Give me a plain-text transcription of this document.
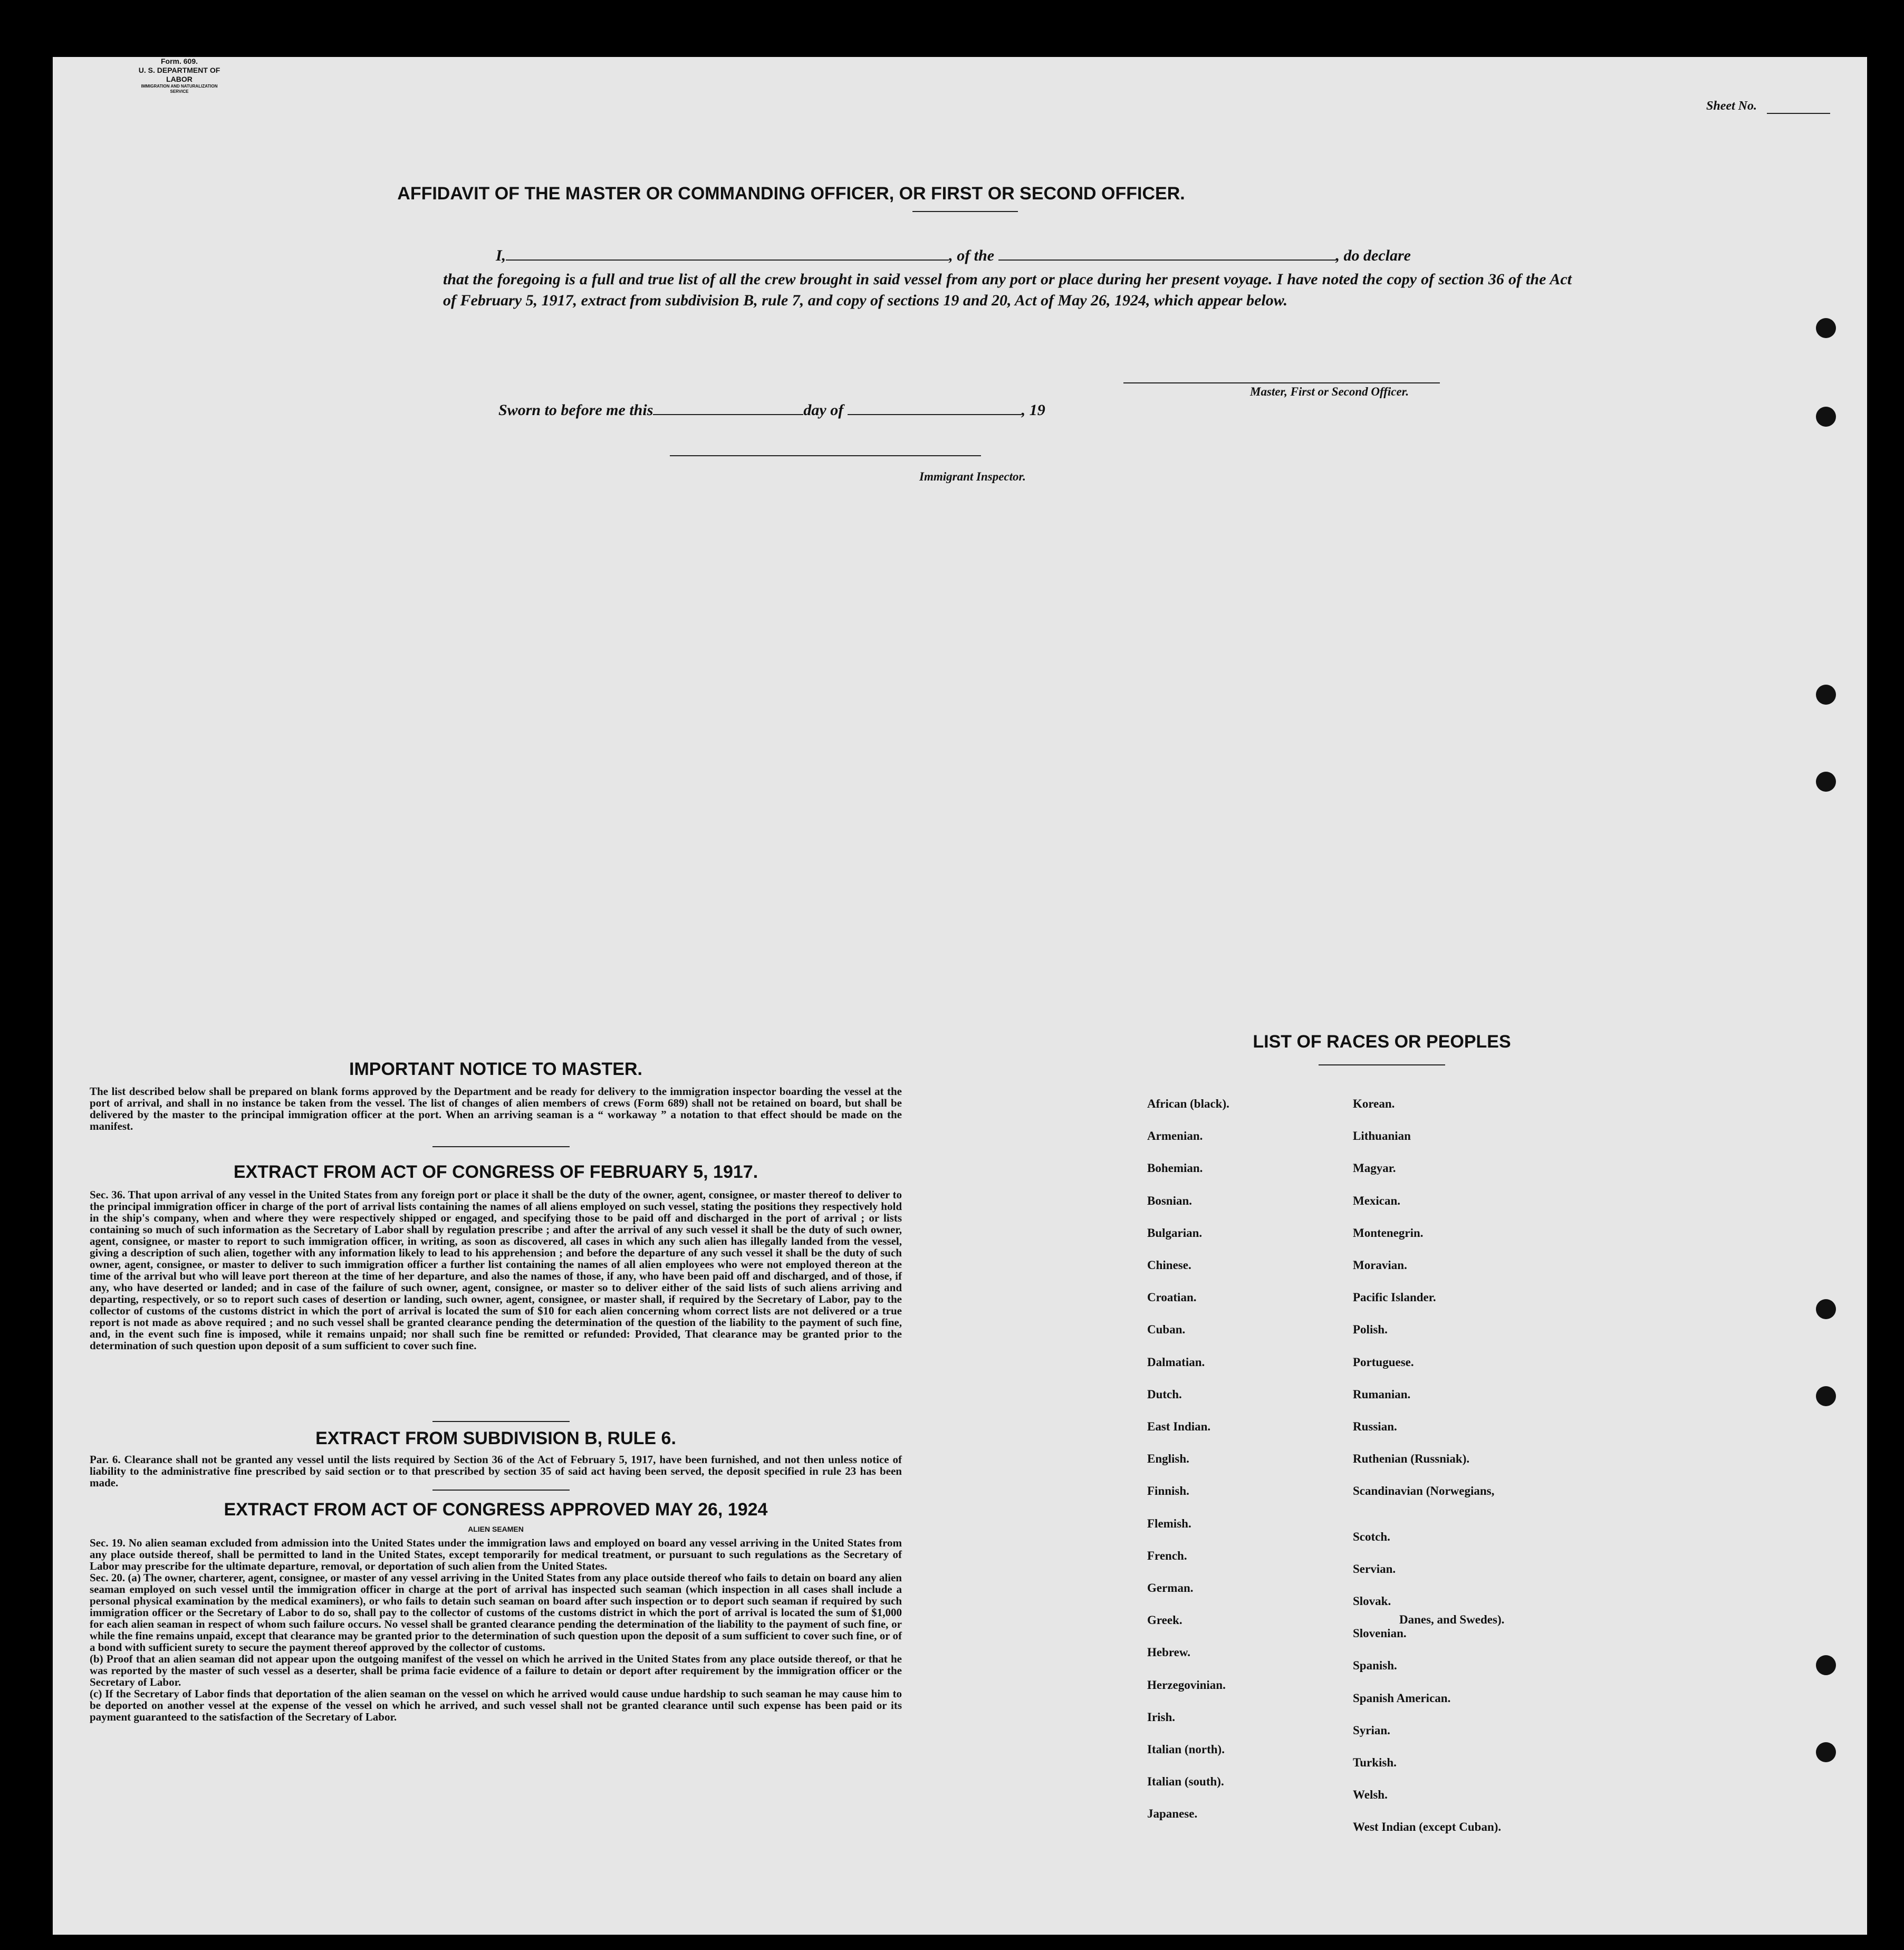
Form. 609.
U. S. DEPARTMENT OF LABOR
IMMIGRATION AND NATURALIZATION SERVICE
Sheet No.
AFFIDAVIT OF THE MASTER OR COMMANDING OFFICER, OR FIRST OR SECOND OFFICER.
I,	, of the	, do declare
that the foregoing is a full and true list of all the crew brought in said vessel from any port or place during her present voyage. I have noted the copy of section 36 of the Act of February 5, 1917, extract from subdivision B, rule 7, and copy of sections 19 and 20, Act of May 26, 1924, which appear below.
Master, First or Second Officer.
Sworn to before me this	day of	, 19
Immigrant Inspector.
IMPORTANT NOTICE TO MASTER.
The list described below shall be prepared on blank forms approved by the Department and be ready for delivery to the immigration inspector boarding the vessel at the port of arrival, and shall in no instance be taken from the vessel. The list of changes of alien members of crews (Form 689) shall not be retained on board, but shall be delivered by the master to the principal immigration officer at the port. When an arriving seaman is a “ workaway ” a notation to that effect should be made on the manifest.
EXTRACT FROM ACT OF CONGRESS OF FEBRUARY 5, 1917.
Sec. 36. That upon arrival of any vessel in the United States from any foreign port or place it shall be the duty of the owner, agent, consignee, or master thereof to deliver to the principal immigration officer in charge of the port of arrival lists containing the names of all aliens employed on such vessel, stating the positions they respectively hold in the ship's company, when and where they were respectively shipped or engaged, and specifying those to be paid off and discharged in the port of arrival ; or lists containing so much of such information as the Secretary of Labor shall by regulation prescribe ; and after the arrival of any such vessel it shall be the duty of such owner, agent, consignee, or master to report to such immigration officer, in writing, as soon as discovered, all cases in which any such alien has illegally landed from the vessel, giving a description of such alien, together with any information likely to lead to his apprehension ; and before the departure of any such vessel it shall be the duty of such owner, agent, consignee, or master to deliver to such immigration officer a further list containing the names of all alien employees who were not employed thereon at the time of the arrival but who will leave port thereon at the time of her departure, and also the names of those, if any, who have been paid off and discharged, and of those, if any, who have deserted or landed; and in case of the failure of such owner, agent, consignee, or master so to deliver either of the said lists of such aliens arriving and departing, respectively, or so to report such cases of desertion or landing, such owner, agent, consignee, or master shall, if required by the Secretary of Labor, pay to the collector of customs of the customs district in which the port of arrival is located the sum of $10 for each alien concerning whom correct lists are not delivered or a true report is not made as above required ; and no such vessel shall be granted clearance pending the determination of the question of the liability to the payment of such fine, and, in the event such fine is imposed, while it remains unpaid; nor shall such fine be remitted or refunded: Provided, That clearance may be granted prior to the determination of such question upon deposit of a sum sufficient to cover such fine.
EXTRACT FROM SUBDIVISION B, RULE 6.
Par. 6. Clearance shall not be granted any vessel until the lists required by Section 36 of the Act of February 5, 1917, have been furnished, and not then unless notice of liability to the administrative fine prescribed by said section or to that prescribed by section 35 of said act having been served, the deposit specified in rule 23 has been made.
EXTRACT FROM ACT OF CONGRESS APPROVED MAY 26, 1924
ALIEN SEAMEN
Sec. 19. No alien seaman excluded from admission into the United States under the immigration laws and employed on board any vessel arriving in the United States from any place outside thereof, shall be permitted to land in the United States, except temporarily for medical treatment, or pursuant to such regulations as the Secretary of Labor may prescribe for the ultimate departure, removal, or deportation of such alien from the United States.
Sec. 20. (a) The owner, charterer, agent, consignee, or master of any vessel arriving in the United States from any place outside thereof who fails to detain on board any alien seaman employed on such vessel until the immigration officer in charge at the port of arrival has inspected such seaman (which inspection in all cases shall include a personal physical examination by the medical examiners), or who fails to detain such seaman on board after such inspection or to deport such seaman if required by such immigration officer or the Secretary of Labor to do so, shall pay to the collector of customs of the customs district in which the port of arrival is located the sum of $1,000 for each alien seaman in respect of whom such failure occurs. No vessel shall be granted clearance pending the determination of the liability to the payment of such fine, or while the fine remains unpaid, except that clearance may be granted prior to the determination of such question upon the deposit of a sum sufficient to cover such fine, or of a bond with sufficient surety to secure the payment thereof approved by the collector of customs.
(b) Proof that an alien seaman did not appear upon the outgoing manifest of the vessel on which he arrived in the United States from any place outside thereof, or that he was reported by the master of such vessel as a deserter, shall be prima facie evidence of a failure to detain or deport after requirement by the immigration officer or the Secretary of Labor.
(c) If the Secretary of Labor finds that deportation of the alien seaman on the vessel on which he arrived would cause undue hardship to such seaman he may cause him to be deported on another vessel at the expense of the vessel on which he arrived, and such vessel shall not be granted clearance until such expense has been paid or its payment guaranteed to the satisfaction of the Secretary of Labor.
LIST OF RACES OR PEOPLES
African (black).
Armenian.
Bohemian.
Bosnian.
Bulgarian.
Chinese.
Croatian.
Cuban.
Dalmatian.
Dutch.
East Indian.
English.
Finnish.
Flemish.
French.
German.
Greek.
Hebrew.
Herzegovinian.
Irish.
Italian (north).
Italian (south).
Japanese.
Korean.
Lithuanian
Magyar.
Mexican.
Montenegrin.
Moravian.
Pacific Islander.
Polish.
Portuguese.
Rumanian.
Russian.
Ruthenian (Russniak).
Scandinavian (Norwegians,
Scotch.
Servian.
Slovak.
Slovenian.
Spanish.
Spanish American.
Syrian.
Turkish.
Welsh.
West Indian (except Cuban).
Danes, and Swedes).
